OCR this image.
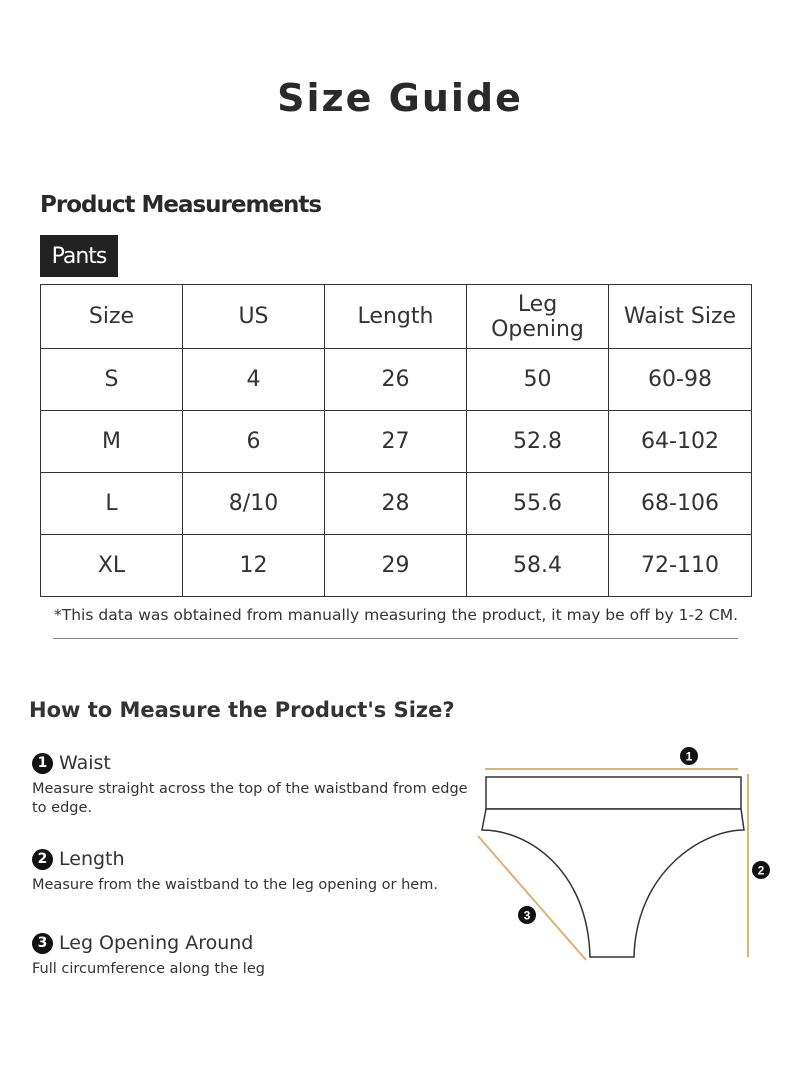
Size Guide
Product Measurements
Pants
Size	US	Length	Leg Opening	Waist Size
S	4	26	50	60-98
M	6	27	52.8	64-102
L	8/10	28	55.6	68-106
XL	12	29	58.4	72-110

*This data was obtained from manually measuring the product, it may be off by 1-2 CM.

How to Measure the Product's Size?
1 Waist
Measure straight across the top of the waistband from edge to edge.
2 Length
Measure from the waistband to the leg opening or hem.
3 Leg Opening Around
Full circumference along the leg
1
2
3
